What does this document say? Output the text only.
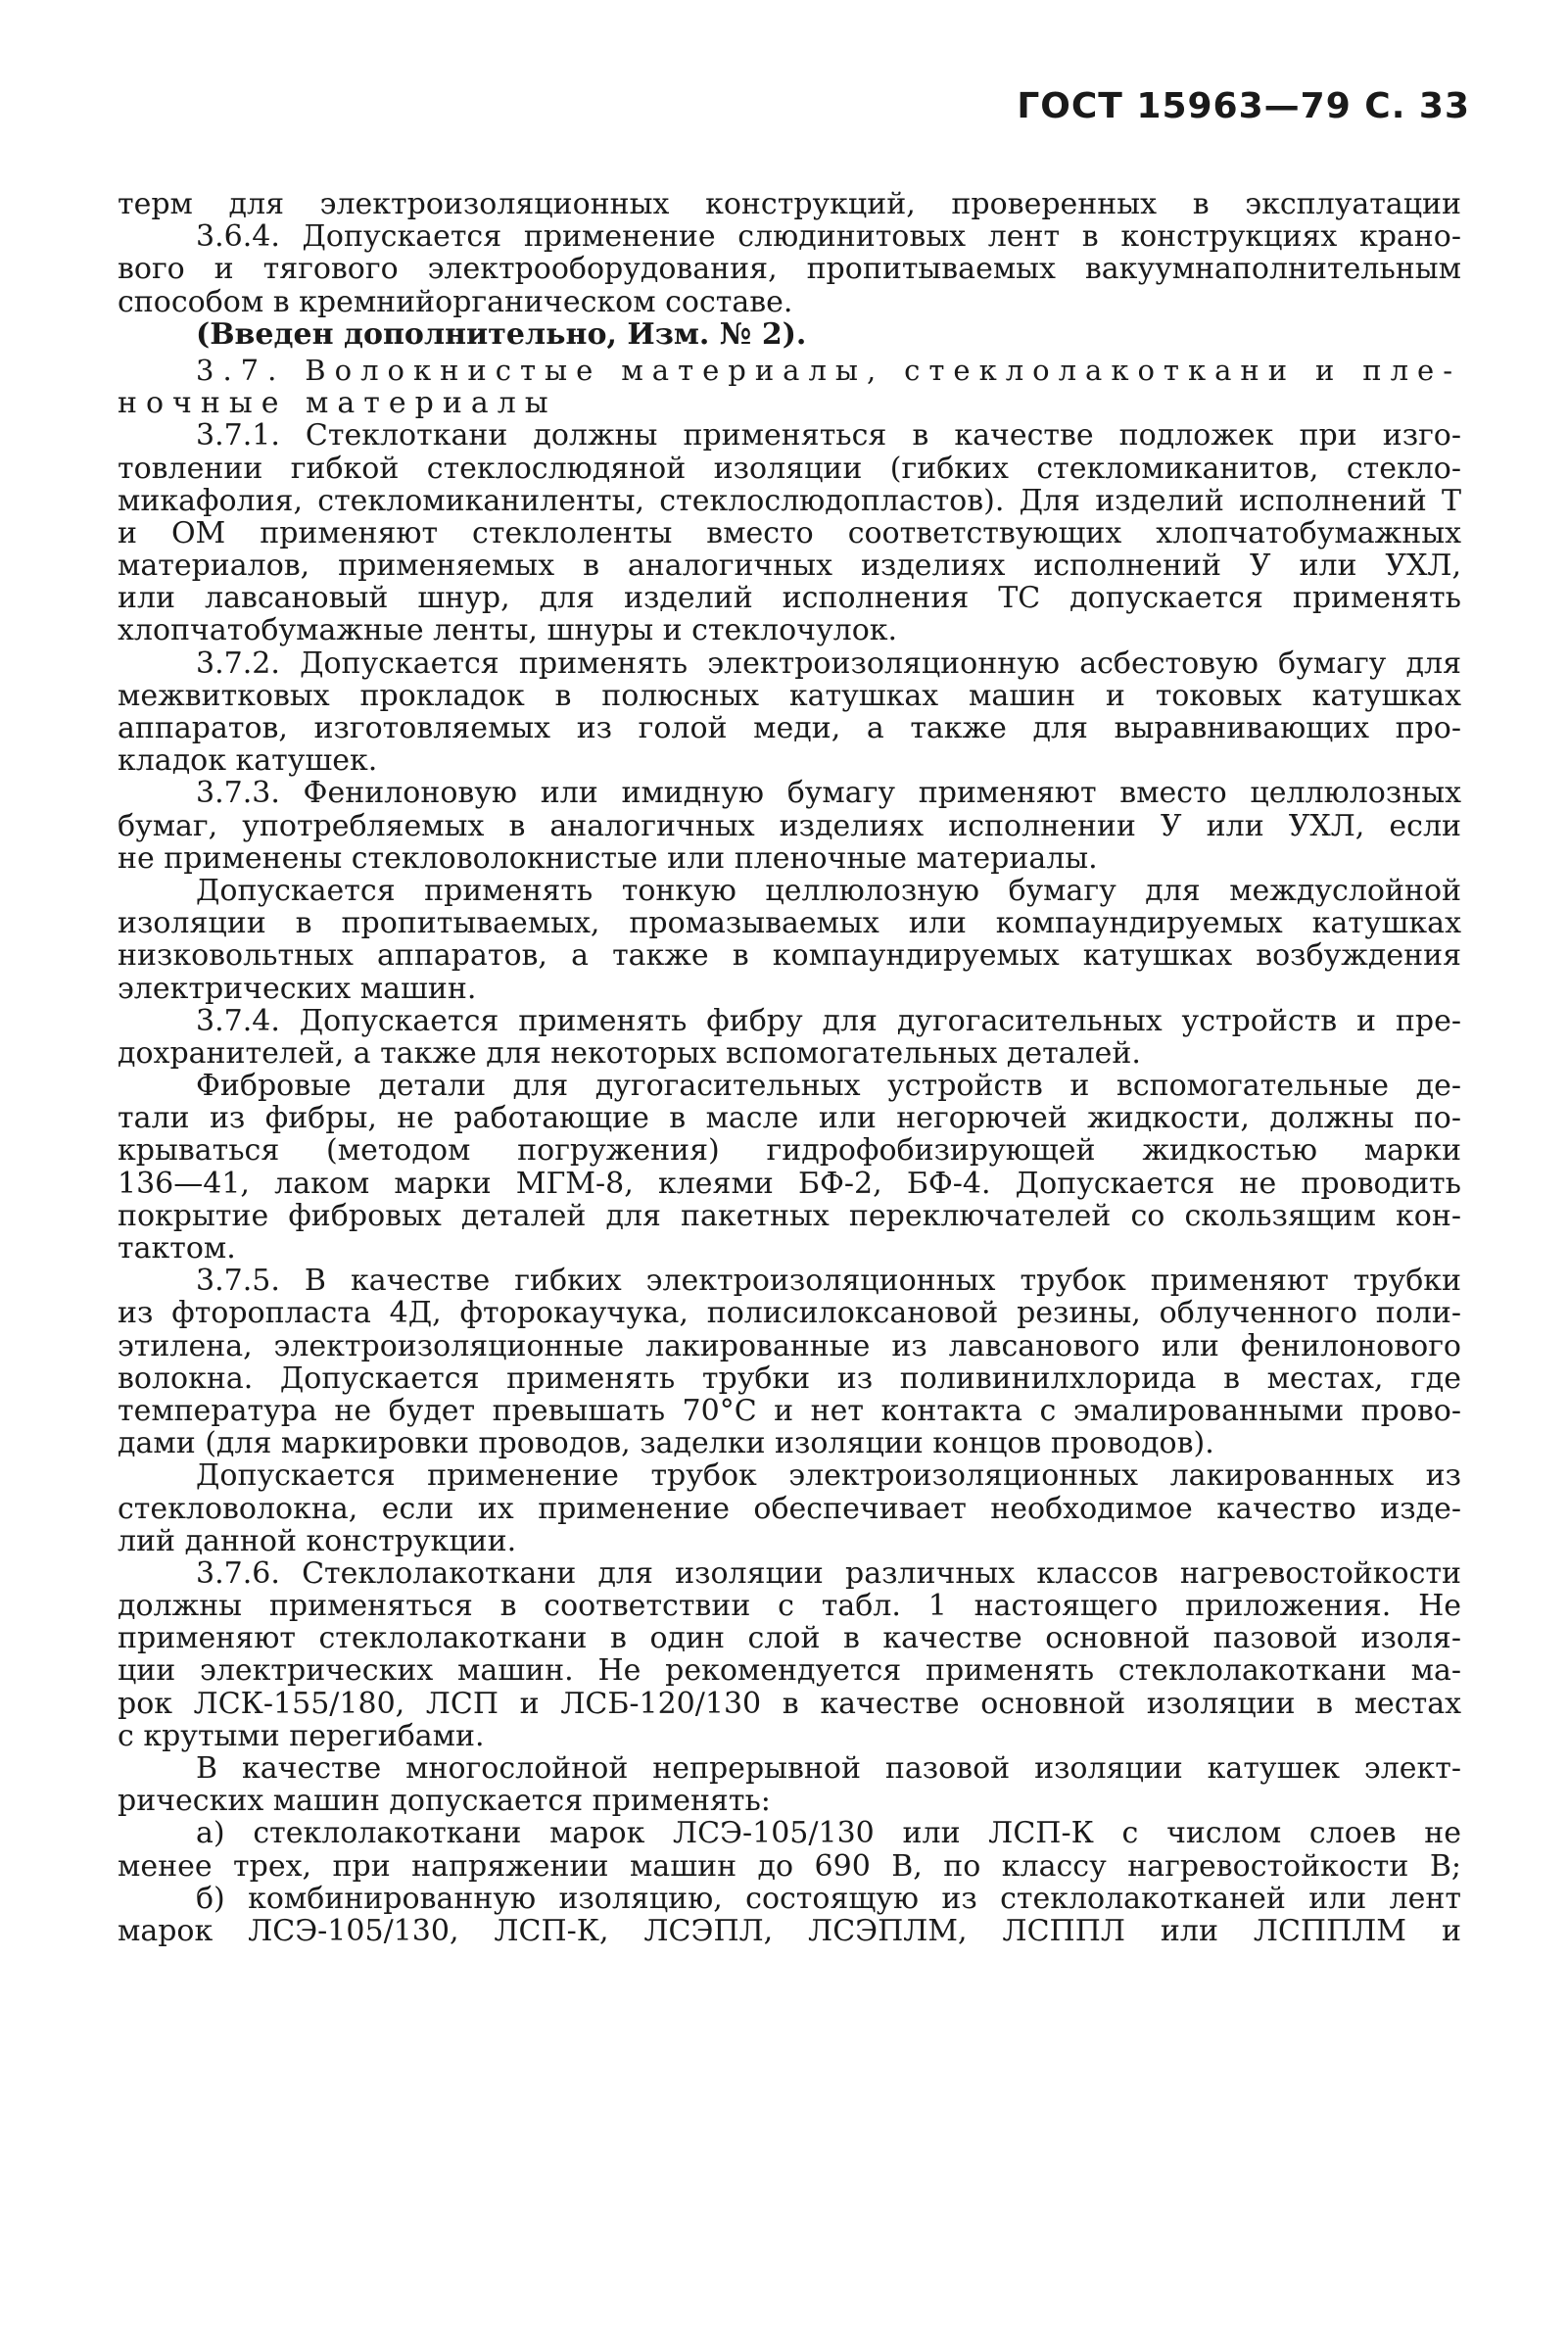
ГОСТ 15963—79 С. 33
терм для электроизоляционных конструкций, проверенных в эксплуатации
3.6.4. Допускается применение слюдинитовых лент в конструкциях крано-
вого и тягового электрооборудования, пропитываемых вакуумнаполнительным
способом в кремнийорганическом составе.
(Введен дополнительно, Изм. № 2).
3.7. Волокнистые материалы, стеклолакоткани и пле-
ночные материалы
3.7.1. Стеклоткани должны применяться в качестве подложек при изго-
товлении гибкой стеклослюдяной изоляции (гибких стекломиканитов, стекло-
микафолия, стекломиканиленты, стеклослюдопластов). Для изделий исполнений Т
и ОМ применяют стеклоленты вместо соответствующих хлопчатобумажных
материалов, применяемых в аналогичных изделиях исполнений У или УХЛ,
или лавсановый шнур, для изделий исполнения ТС допускается применять
хлопчатобумажные ленты, шнуры и стеклочулок.
3.7.2. Допускается применять электроизоляционную асбестовую бумагу для
межвитковых прокладок в полюсных катушках машин и токовых катушках
аппаратов, изготовляемых из голой меди, а также для выравнивающих про-
кладок катушек.
3.7.3. Фенилоновую или имидную бумагу применяют вместо целлюлозных
бумаг, употребляемых в аналогичных изделиях исполнении У или УХЛ, если
не применены стекловолокнистые или пленочные материалы.
Допускается применять тонкую целлюлозную бумагу для междуслойной
изоляции в пропитываемых, промазываемых или компаундируемых катушках
низковольтных аппаратов, а также в компаундируемых катушках возбуждения
электрических машин.
3.7.4. Допускается применять фибру для дугогасительных устройств и пре-
дохранителей, а также для некоторых вспомогательных деталей.
Фибровые детали для дугогасительных устройств и вспомогательные де-
тали из фибры, не работающие в масле или негорючей жидкости, должны по-
крываться (методом погружения) гидрофобизирующей жидкостью марки
136—41, лаком марки МГМ-8, клеями БФ-2, БФ-4. Допускается не проводить
покрытие фибровых деталей для пакетных переключателей со скользящим кон-
тактом.
3.7.5. В качестве гибких электроизоляционных трубок применяют трубки
из фторопласта 4Д, фторокаучука, полисилоксановой резины, облученного поли-
этилена, электроизоляционные лакированные из лавсанового или фенилонового
волокна. Допускается применять трубки из поливинилхлорида в местах, где
температура не будет превышать 70°С и нет контакта с эмалированными прово-
дами (для маркировки проводов, заделки изоляции концов проводов).
Допускается применение трубок электроизоляционных лакированных из
стекловолокна, если их применение обеспечивает необходимое качество изде-
лий данной конструкции.
3.7.6. Стеклолакоткани для изоляции различных классов нагревостойкости
должны применяться в соответствии с табл. 1 настоящего приложения. Не
применяют стеклолакоткани в один слой в качестве основной пазовой изоля-
ции электрических машин. Не рекомендуется применять стеклолакоткани ма-
рок ЛСК-155/180, ЛСП и ЛСБ-120/130 в качестве основной изоляции в местах
с крутыми перегибами.
В качестве многослойной непрерывной пазовой изоляции катушек элект-
рических машин допускается применять:
а) стеклолакоткани марок ЛСЭ-105/130 или ЛСП-К с числом слоев не
менее трех, при напряжении машин до 690 В, по классу нагревостойкости В;
б) комбинированную изоляцию, состоящую из стеклолакотканей или лент
марок ЛСЭ-105/130, ЛСП-К, ЛСЭПЛ, ЛСЭПЛМ, ЛСППЛ или ЛСППЛМ и
